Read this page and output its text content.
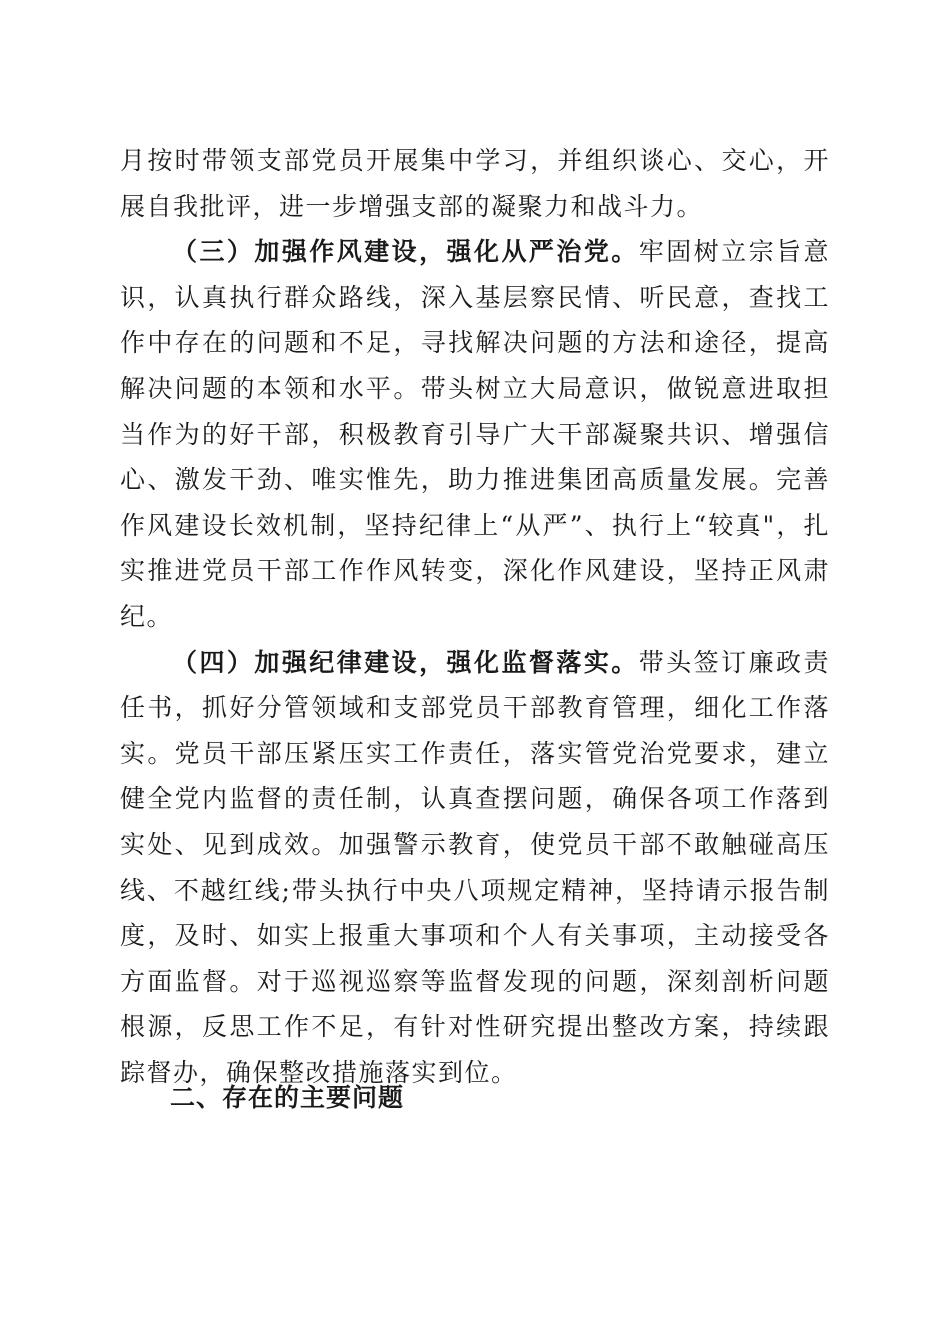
月按时带领支部党员开展集中学习，并组织谈心、交心，开展自我批评，进一步增强支部的凝聚力和战斗力。

（三）加强作风建设，强化从严治党。牢固树立宗旨意识，认真执行群众路线，深入基层察民情、听民意，查找工作中存在的问题和不足，寻找解决问题的方法和途径，提高解决问题的本领和水平。带头树立大局意识，做锐意进取担当作为的好干部，积极教育引导广大干部凝聚共识、增强信心、激发干劲、唯实惟先，助力推进集团高质量发展。完善作风建设长效机制，坚持纪律上“从严”、执行上“较真"，扎实推进党员干部工作作风转变，深化作风建设，坚持正风肃纪。

（四）加强纪律建设，强化监督落实。带头签订廉政责任书，抓好分管领域和支部党员干部教育管理，细化工作落实。党员干部压紧压实工作责任，落实管党治党要求，建立健全党内监督的责任制，认真查摆问题，确保各项工作落到实处、见到成效。加强警示教育，使党员干部不敢触碰高压线、不越红线;带头执行中央八项规定精神，坚持请示报告制度，及时、如实上报重大事项和个人有关事项，主动接受各方面监督。对于巡视巡察等监督发现的问题，深刻剖析问题根源，反思工作不足，有针对性研究提出整改方案，持续跟踪督办，确保整改措施落实到位。

二、存在的主要问题
